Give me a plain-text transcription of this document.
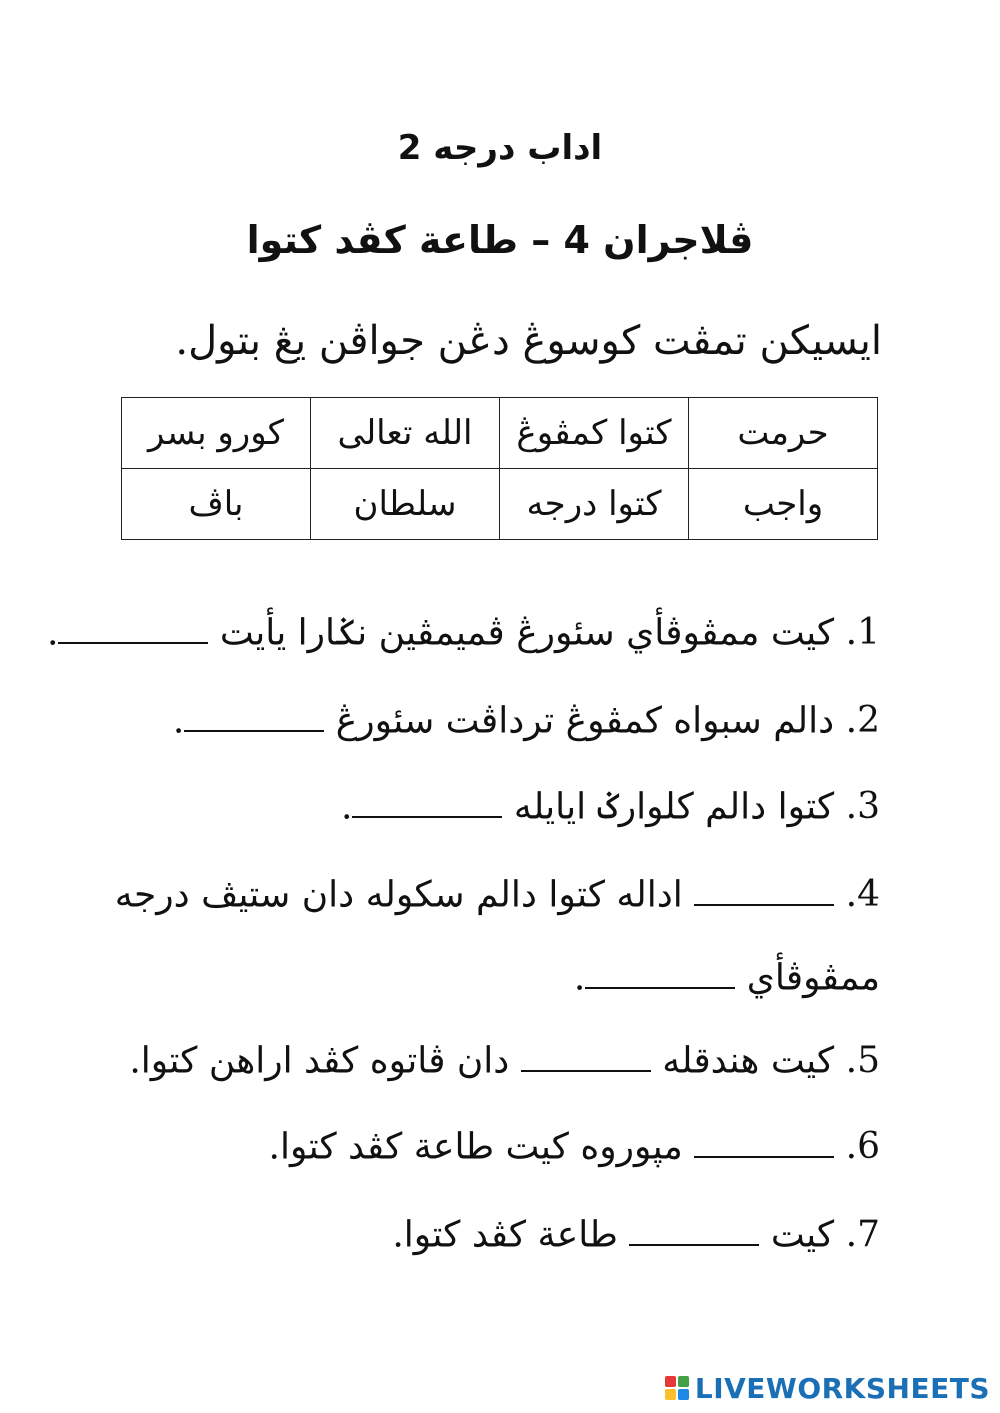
اداب درجه 2
ڤلاجران 4 – طاعة كڤد كتوا
ايسيكن تمڤت كوسوڠ دڠن جواڤن يڠ بتول.
حرمت	كتوا كمڤوڠ	الله تعالى	كورو بسر
واجب	كتوا درجه	سلطان	باڤ
1. كيت ممڤوڤأي سئورڠ ڤميمڤين نݢارا يأيت .
2. دالم سبواه كمڤوڠ ترداڤت سئورڠ .
3. كتوا دالم كلوارݢ ايايله .
4.  اداله كتوا دالم سكوله دان ستيڤ درجه
ممڤوڤأي .
5. كيت هندقله  دان ڤاتوه كڤد اراهن كتوا.
6.  مپوروه كيت طاعة كڤد كتوا.
7. كيت  طاعة كڤد كتوا.
LIVEWORKSHEETS
